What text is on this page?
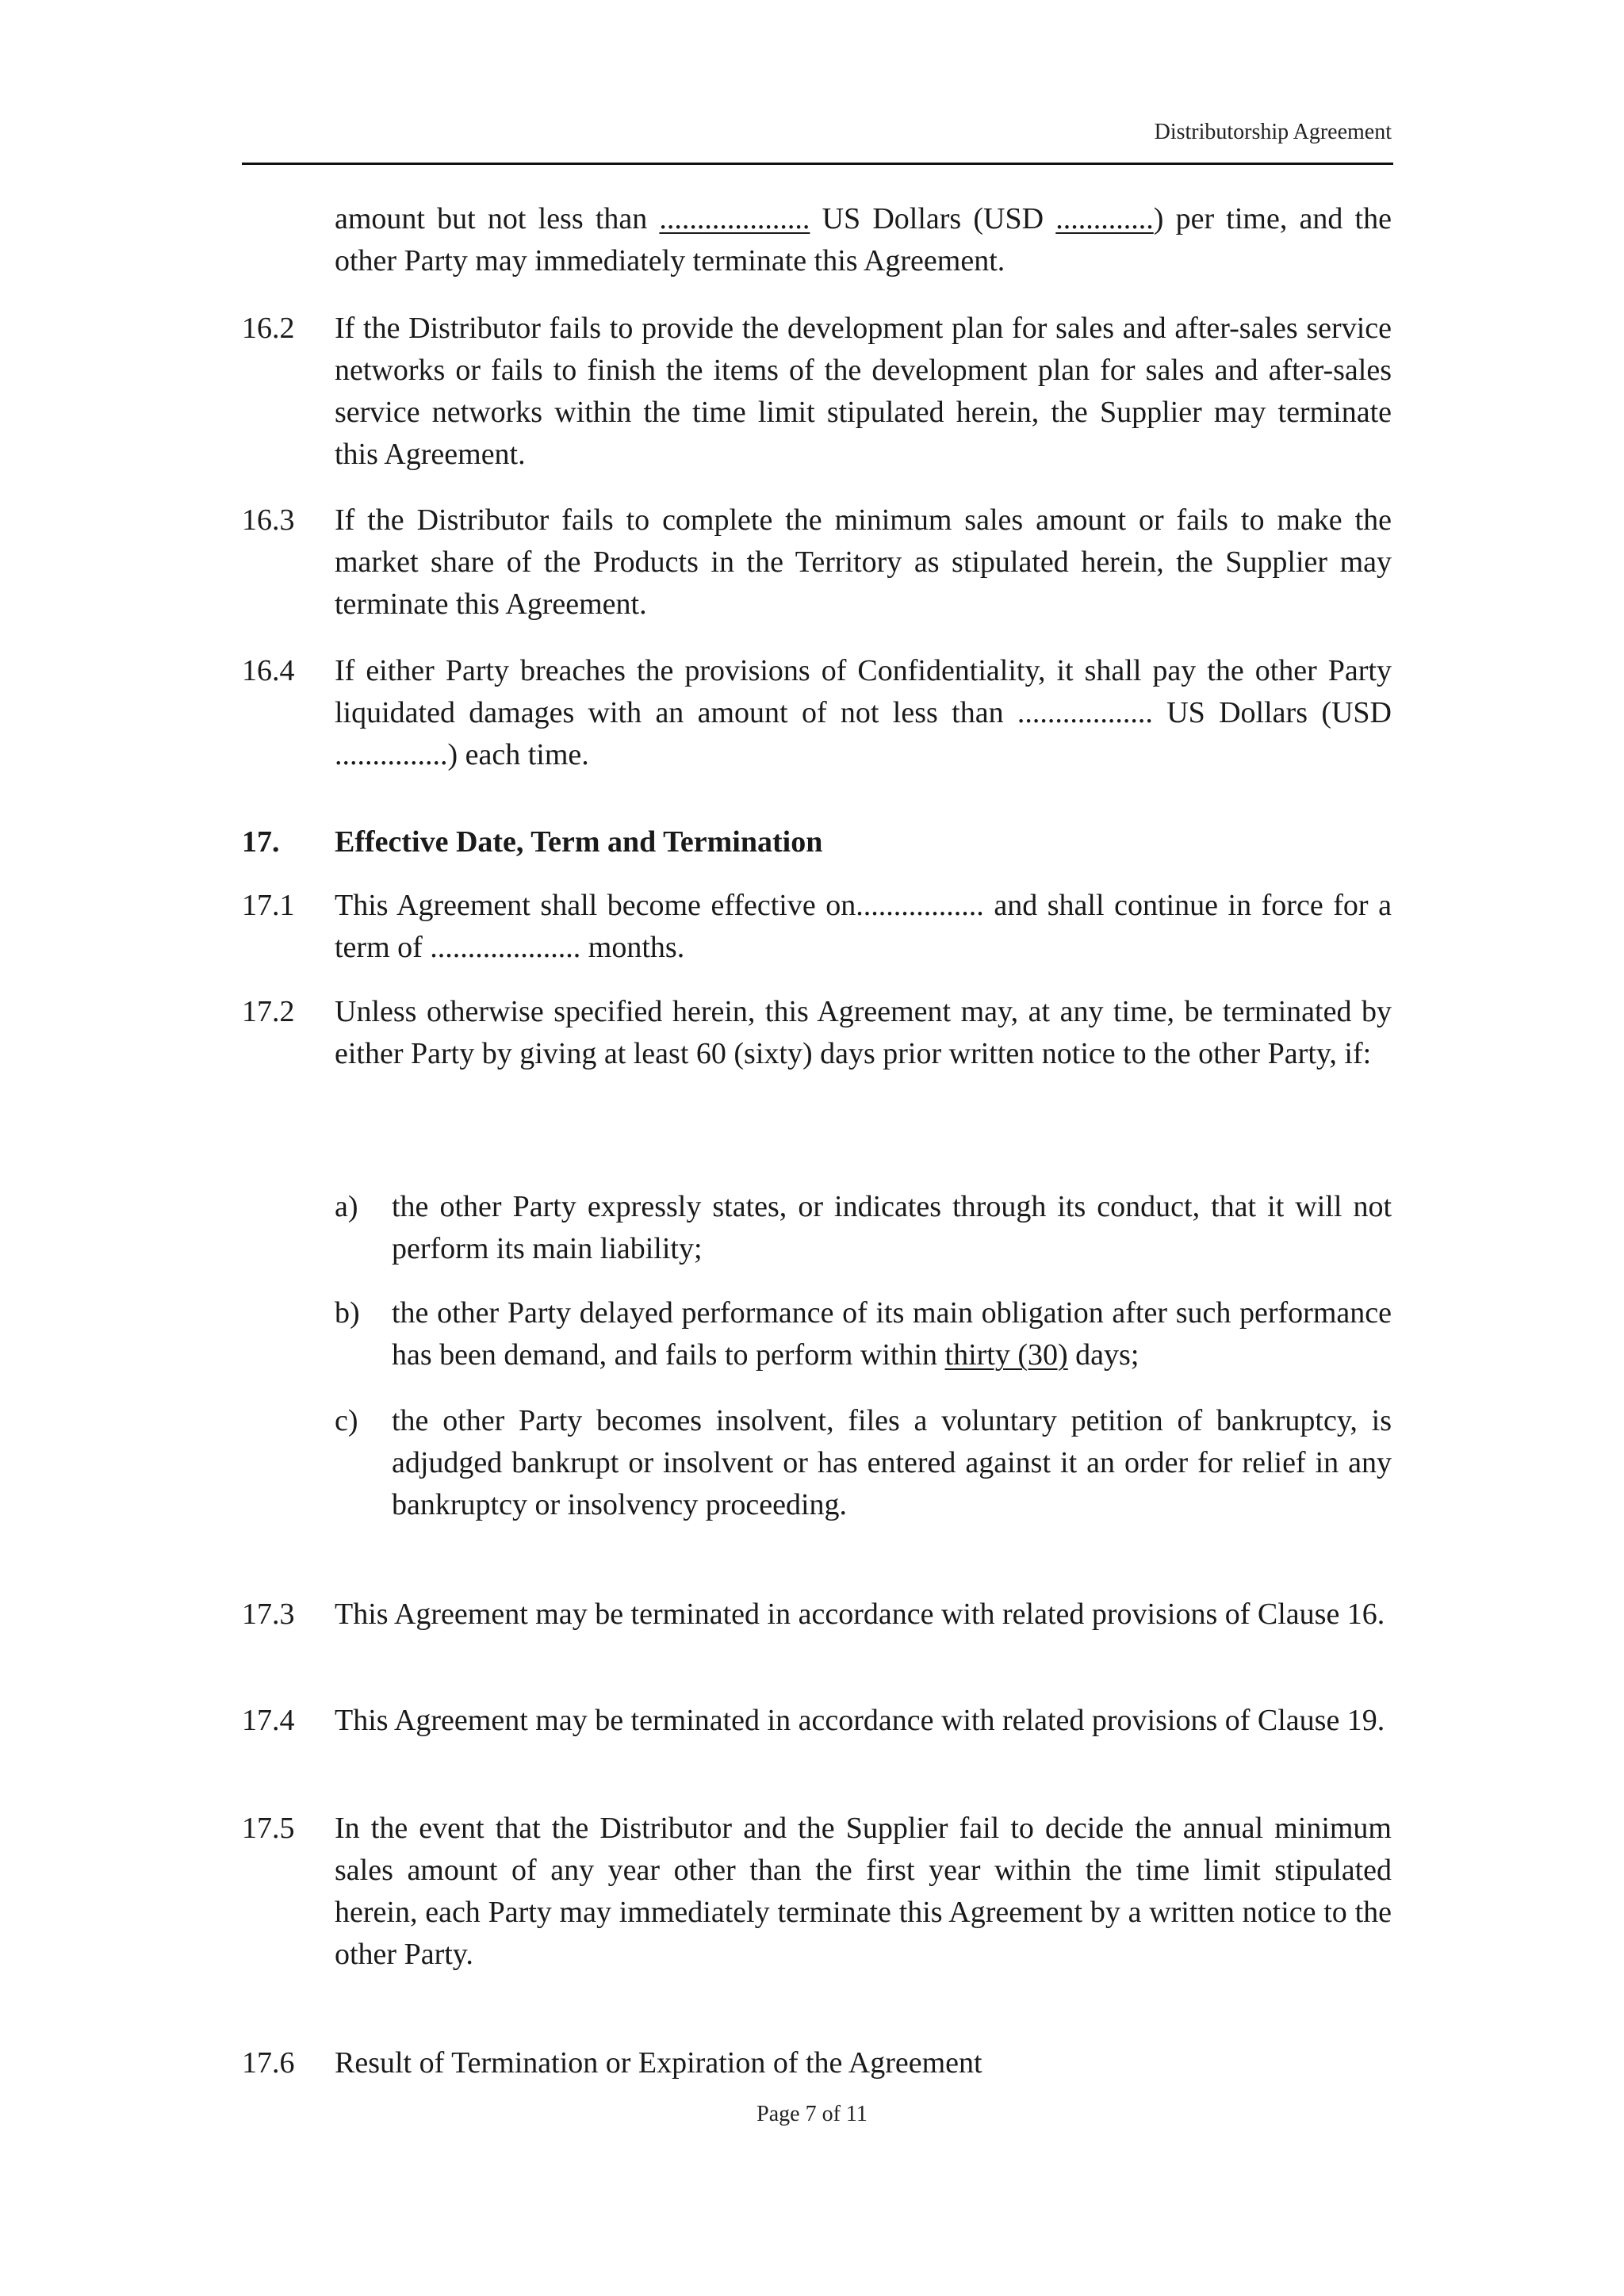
Distributorship Agreement
amount but not less than .................... US Dollars (USD .............) per time, and the other Party may immediately terminate this Agreement.
16.2	If the Distributor fails to provide the development plan for sales and after-sales service networks or fails to finish the items of the development plan for sales and after-sales service networks within the time limit stipulated herein, the Supplier may terminate this Agreement.
16.3	If the Distributor fails to complete the minimum sales amount or fails to make the market share of the Products in the Territory as stipulated herein, the Supplier may terminate this Agreement.
16.4	If either Party breaches the provisions of Confidentiality, it shall pay the other Party liquidated damages with an amount of not less than .................. US Dollars (USD ...............) each time.
17.	Effective Date, Term and Termination
17.1	This Agreement shall become effective on................. and shall continue in force for a term of .................... months.
17.2	Unless otherwise specified herein, this Agreement may, at any time, be terminated by either Party by giving at least 60 (sixty) days prior written notice to the other Party, if:
a)	the other Party expressly states, or indicates through its conduct, that it will not perform its main liability;
b)	the other Party delayed performance of its main obligation after such performance has been demand, and fails to perform within thirty (30) days;
c)	the other Party becomes insolvent, files a voluntary petition of bankruptcy, is adjudged bankrupt or insolvent or has entered against it an order for relief in any bankruptcy or insolvency proceeding.
17.3	This Agreement may be terminated in accordance with related provisions of Clause 16.
17.4	This Agreement may be terminated in accordance with related provisions of Clause 19.
17.5	In the event that the Distributor and the Supplier fail to decide the annual minimum sales amount of any year other than the first year within the time limit stipulated herein, each Party may immediately terminate this Agreement by a written notice to the other Party.
17.6	Result of Termination or Expiration of the Agreement
Page 7 of 11
